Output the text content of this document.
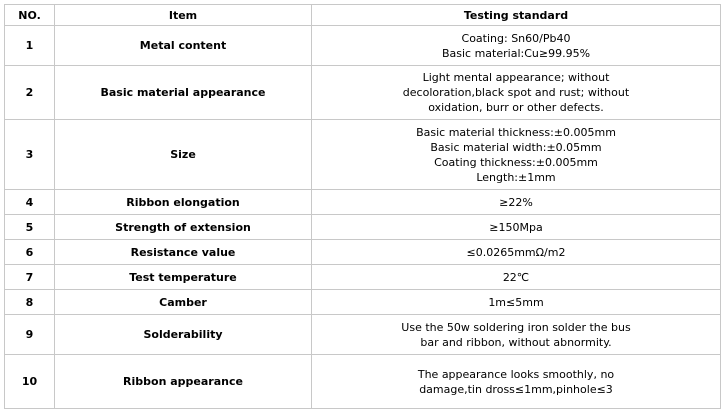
NO.	Item	Testing standard
1	Metal content	Coating: Sn60/Pb40
Basic material:Cu≥99.95%

2	Basic material appearance	Light mental appearance; without
decoloration,black spot and rust; without
oxidation, burr or other defects.

3	Size	Basic material thickness:±0.005mm
Basic material width:±0.05mm
Coating thickness:±0.005mm
Length:±1mm

4	Ribbon elongation	≥22%

5	Strength of extension	≥150Mpa

6	Resistance value	≤0.0265mmΩ/m2

7	Test temperature	22℃

8	Camber	1m≤5mm

9	Solderability	Use the 50w soldering iron solder the bus
bar and ribbon, without abnormity.

10	Ribbon appearance	The appearance looks smoothly, no
damage,tin dross≤1mm,pinhole≤3
